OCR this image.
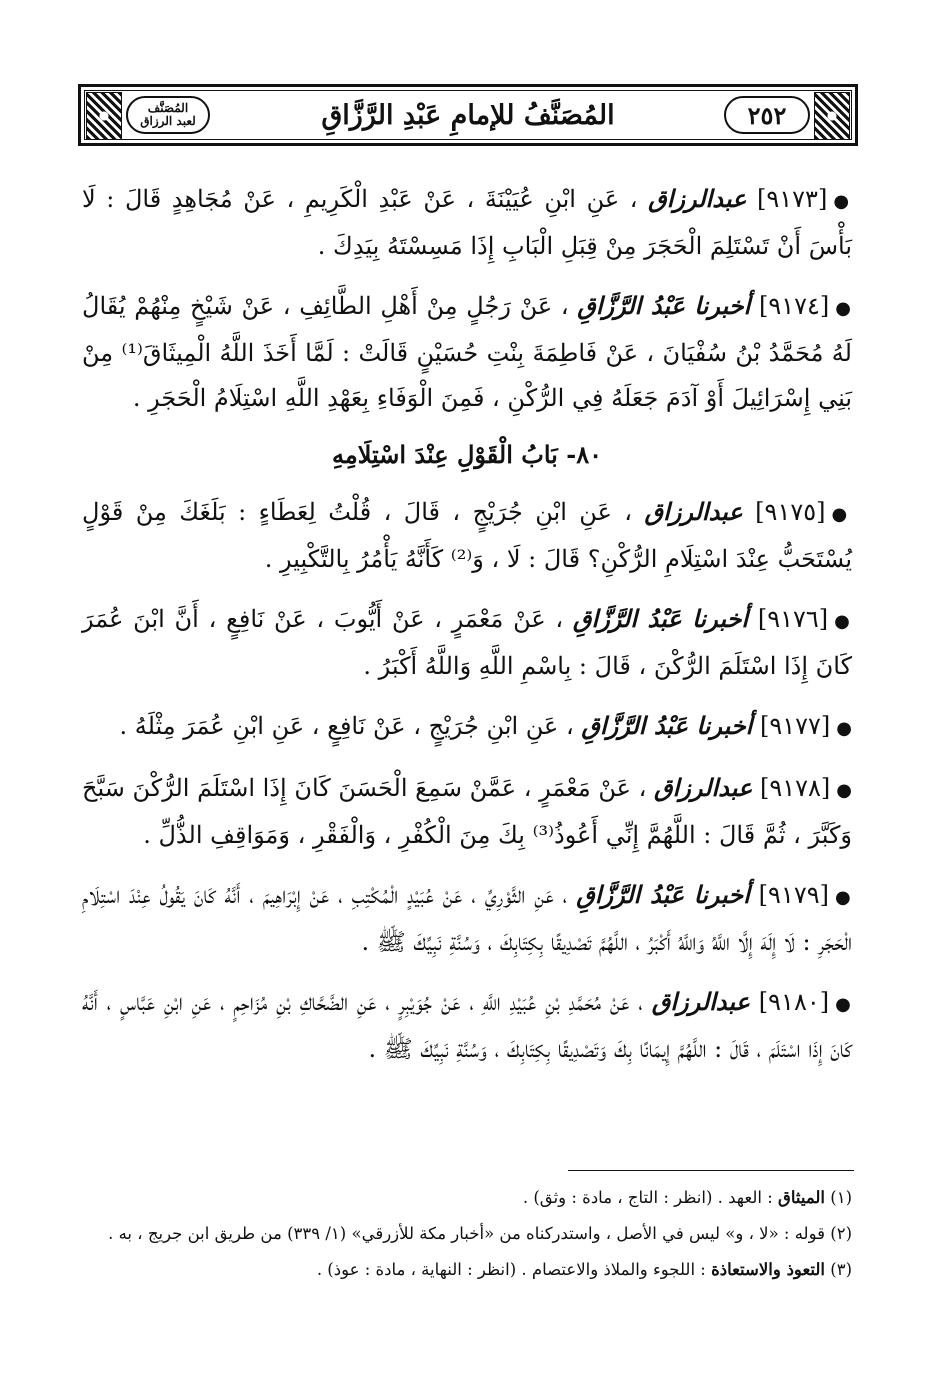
المُصَنَّف
لعبد الرزاق	المُصَنَّفُ للإمامِ عَبْدِ الرَّزَّاقِ	٢٥٢

●[٩١٧٣] عبدالرزاق ، عَنِ ابْنِ عُيَيْنَةَ ، عَنْ عَبْدِ الْكَرِيمِ ، عَنْ مُجَاهِدٍ قَالَ : لَا بَأْسَ أَنْ تَسْتَلِمَ الْحَجَرَ مِنْ قِبَلِ الْبَابِ إِذَا مَسِسْتَهُ بِيَدِكَ .

●[٩١٧٤] أخبرنا عَبْدُ الرَّزَّاقِ ، عَنْ رَجُلٍ مِنْ أَهْلِ الطَّائِفِ ، عَنْ شَيْخٍ مِنْهُمْ يُقَالُ لَهُ مُحَمَّدُ بْنُ سُفْيَانَ ، عَنْ فَاطِمَةَ بِنْتِ حُسَيْنٍ قَالَتْ : لَمَّا أَخَذَ اللَّهُ الْمِيثَاقَ⁽¹⁾ مِنْ بَنِي إِسْرَائِيلَ أَوْ آدَمَ جَعَلَهُ فِي الرُّكْنِ ، فَمِنَ الْوَفَاءِ بِعَهْدِ اللَّهِ اسْتِلَامُ الْحَجَرِ .

٨٠- بَابُ الْقَوْلِ عِنْدَ اسْتِلَامِهِ

●[٩١٧٥] عبدالرزاق ، عَنِ ابْنِ جُرَيْجٍ ، قَالَ ، قُلْتُ لِعَطَاءٍ : بَلَغَكَ مِنْ قَوْلٍ يُسْتَحَبُّ عِنْدَ اسْتِلَامِ الرُّكْنِ؟ قَالَ : لَا ، وَ⁽²⁾ كَأَنَّهُ يَأْمُرُ بِالتَّكْبِيرِ .

●[٩١٧٦] أخبرنا عَبْدُ الرَّزَّاقِ ، عَنْ مَعْمَرٍ ، عَنْ أَيُّوبَ ، عَنْ نَافِعٍ ، أَنَّ ابْنَ عُمَرَ كَانَ إِذَا اسْتَلَمَ الرُّكْنَ ، قَالَ : بِاسْمِ اللَّهِ وَاللَّهُ أَكْبَرُ .

●[٩١٧٧] أخبرنا عَبْدُ الرَّزَّاقِ ، عَنِ ابْنِ جُرَيْجٍ ، عَنْ نَافِعٍ ، عَنِ ابْنِ عُمَرَ مِثْلَهُ .

●[٩١٧٨] عبدالرزاق ، عَنْ مَعْمَرٍ ، عَمَّنْ سَمِعَ الْحَسَنَ كَانَ إِذَا اسْتَلَمَ الرُّكْنَ سَبَّحَ وَكَبَّرَ ، ثُمَّ قَالَ : اللَّهُمَّ إِنِّي أَعُوذُ⁽³⁾ بِكَ مِنَ الْكُفْرِ ، وَالْفَقْرِ ، وَمَوَاقِفِ الذُّلِّ .

●[٩١٧٩] أخبرنا عَبْدُ الرَّزَّاقِ ، عَنِ الثَّوْرِيِّ ، عَنْ عُبَيْدٍ الْمُكْتِبِ ، عَنْ إِبْرَاهِيمَ ، أَنَّهُ كَانَ يَقُولُ عِنْدَ اسْتِلَامِ الْحَجَرِ : لَا إِلَهَ إِلَّا اللَّهُ وَاللَّهُ أَكْبَرُ ، اللَّهُمَّ تَصْدِيقًا بِكِتَابِكَ ، وَسُنَّةِ نَبِيِّكَ ﷺ .

●[٩١٨٠] عبدالرزاق ، عَنْ مُحَمَّدِ بْنِ عُبَيْدِ اللَّهِ ، عَنْ جُوَيْبِرٍ ، عَنِ الضَّحَّاكِ بْنِ مُزَاحِمٍ ، عَنِ ابْنِ عَبَّاسٍ ، أَنَّهُ كَانَ إِذَا اسْتَلَمَ ، قَالَ : اللَّهُمَّ إِيمَانًا بِكَ وَتَصْدِيقًا بِكِتَابِكَ ، وَسُنَّةِ نَبِيِّكَ ﷺ .

(١) الميثاق : العهد . (انظر : التاج ، مادة : وثق) .

(٢) قوله : «لا ، و» ليس في الأصل ، واستدركناه من «أخبار مكة للأزرقي» (١/ ٣٣٩) من طريق ابن جريج ، به .

(٣) التعوذ والاستعاذة : اللجوء والملاذ والاعتصام . (انظر : النهاية ، مادة : عوذ) .
